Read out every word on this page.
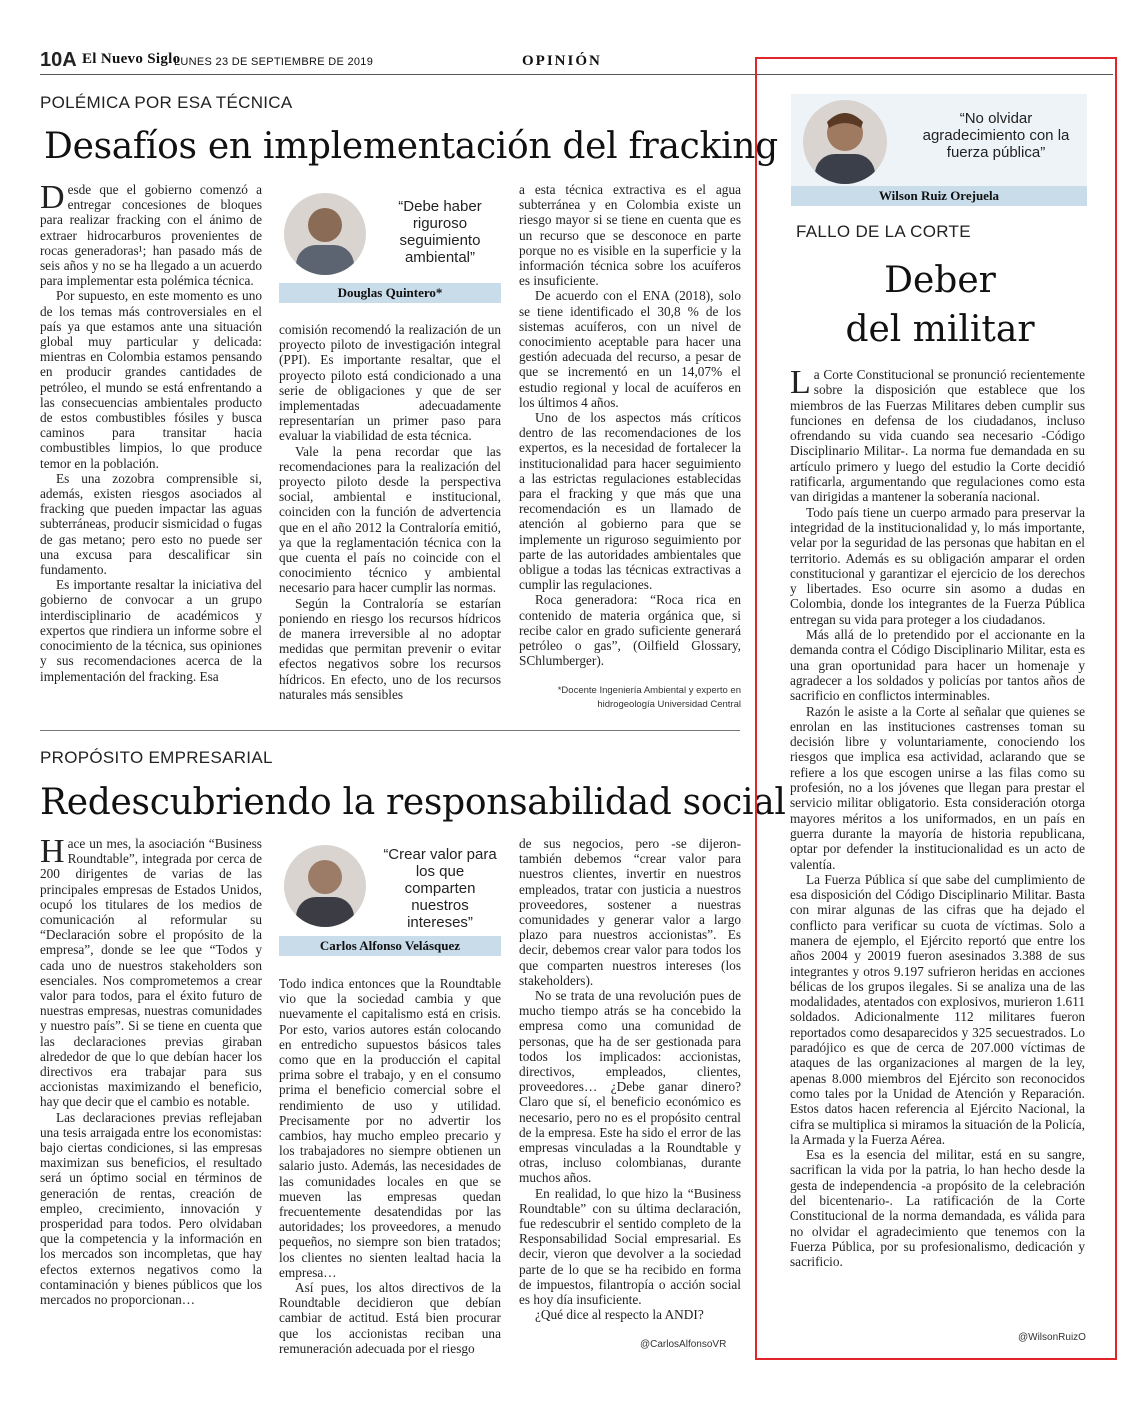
10A El Nuevo Siglo
LUNES 23 DE SEPTIEMBRE DE 2019	OPINIÓN
POLÉMICA POR ESA TÉCNICA
Desafíos en implementación del fracking

Desde que el gobierno comenzó a entregar concesiones de bloques para realizar fracking con el ánimo de extraer hidrocarburos provenientes de rocas generadoras¹; han pasado más de seis años y no se ha llegado a un acuerdo para implementar esta polémica técnica.

Por supuesto, en este momento es uno de los temas más controversiales en el país ya que estamos ante una situación global muy particular y delicada: mientras en Colombia estamos pensando en producir grandes cantidades de petróleo, el mundo se está enfrentando a las consecuencias ambientales producto de estos combustibles fósiles y busca caminos para transitar hacia combustibles limpios, lo que produce temor en la población.

Es una zozobra comprensible si, además, existen riesgos asociados al fracking que pueden impactar las aguas subterráneas, producir sismicidad o fugas de gas metano; pero esto no puede ser una excusa para descalificar sin fundamento.

Es importante resaltar la iniciativa del gobierno de convocar a un grupo interdisciplinario de académicos y expertos que rindiera un informe sobre el conocimiento de la técnica, sus opiniones y sus recomendaciones acerca de la implementación del fracking. Esa

“Debe haber riguroso seguimiento ambiental”
Douglas Quintero*

comisión recomendó la realización de un proyecto piloto de investigación integral (PPI). Es importante resaltar, que el proyecto piloto está condicionado a una serie de obligaciones y que de ser implementadas adecuadamente representarían un primer paso para evaluar la viabilidad de esta técnica.

Vale la pena recordar que las recomendaciones para la realización del proyecto piloto desde la perspectiva social, ambiental e institucional, coinciden con la función de advertencia que en el año 2012 la Contraloría emitió, ya que la reglamentación técnica con la que cuenta el país no coincide con el conocimiento técnico y ambiental necesario para hacer cumplir las normas.

Según la Contraloría se estarían poniendo en riesgo los recursos hídricos de manera irreversible al no adoptar medidas que permitan prevenir o evitar efectos negativos sobre los recursos hídricos. En efecto, uno de los recursos naturales más sensibles

a esta técnica extractiva es el agua subterránea y en Colombia existe un riesgo mayor si se tiene en cuenta que es un recurso que se desconoce en parte porque no es visible en la superficie y la información técnica sobre los acuíferos es insuficiente.

De acuerdo con el ENA (2018), solo se tiene identificado el 30,8 % de los sistemas acuíferos, con un nivel de conocimiento aceptable para hacer una gestión adecuada del recurso, a pesar de que se incrementó en un 14,07% el estudio regional y local de acuíferos en los últimos 4 años.

Uno de los aspectos más críticos dentro de las recomendaciones de los expertos, es la necesidad de fortalecer la institucionalidad para hacer seguimiento a las estrictas regulaciones establecidas para el fracking y que más que una recomendación es un llamado de atención al gobierno para que se implemente un riguroso seguimiento por parte de las autoridades ambientales que obligue a todas las técnicas extractivas a cumplir las regulaciones.

Roca generadora: “Roca rica en contenido de materia orgánica que, si recibe calor en grado suficiente generará petróleo o gas”, (Oilfield Glossary, SChlumberger).

*Docente Ingeniería Ambiental y experto en hidrogeología Universidad Central
PROPÓSITO EMPRESARIAL
Redescubriendo la responsabilidad social

Hace un mes, la asociación “Business Roundtable”, integrada por cerca de 200 dirigentes de varias de las principales empresas de Estados Unidos, ocupó los titulares de los medios de comunicación al reformular su “Declaración sobre el propósito de la empresa”, donde se lee que “Todos y cada uno de nuestros stakeholders son esenciales. Nos comprometemos a crear valor para todos, para el éxito futuro de nuestras empresas, nuestras comunidades y nuestro país”. Si se tiene en cuenta que las declaraciones previas giraban alrededor de que lo que debían hacer los directivos era trabajar para sus accionistas maximizando el beneficio, hay que decir que el cambio es notable.

Las declaraciones previas reflejaban una tesis arraigada entre los economistas: bajo ciertas condiciones, si las empresas maximizan sus beneficios, el resultado será un óptimo social en términos de generación de rentas, creación de empleo, crecimiento, innovación y prosperidad para todos. Pero olvidaban que la competencia y la información en los mercados son incompletas, que hay efectos externos negativos como la contaminación y bienes públicos que los mercados no proporcionan…

“Crear valor para los que comparten nuestros intereses”
Carlos Alfonso Velásquez

Todo indica entonces que la Roundtable vio que la sociedad cambia y que nuevamente el capitalismo está en crisis. Por esto, varios autores están colocando en entredicho supuestos básicos tales como que en la producción el capital prima sobre el trabajo, y en el consumo prima el beneficio comercial sobre el rendimiento de uso y utilidad. Precisamente por no advertir los cambios, hay mucho empleo precario y los trabajadores no siempre obtienen un salario justo. Además, las necesidades de las comunidades locales en que se mueven las empresas quedan frecuentemente desatendidas por las autoridades; los proveedores, a menudo pequeños, no siempre son bien tratados; los clientes no sienten lealtad hacia la empresa…

Así pues, los altos directivos de la Roundtable decidieron que debían cambiar de actitud. Está bien procurar que los accionistas reciban una remuneración adecuada por el riesgo

de sus negocios, pero -se dijeron- también debemos “crear valor para nuestros clientes, invertir en nuestros empleados, tratar con justicia a nuestros proveedores, sostener a nuestras comunidades y generar valor a largo plazo para nuestros accionistas”. Es decir, debemos crear valor para todos los que comparten nuestros intereses (los stakeholders).

No se trata de una revolución pues de mucho tiempo atrás se ha concebido la empresa como una comunidad de personas, que ha de ser gestionada para todos los implicados: accionistas, directivos, empleados, clientes, proveedores… ¿Debe ganar dinero? Claro que sí, el beneficio económico es necesario, pero no es el propósito central de la empresa. Este ha sido el error de las empresas vinculadas a la Roundtable y otras, incluso colombianas, durante muchos años.

En realidad, lo que hizo la “Business Roundtable” con su última declaración, fue redescubrir el sentido completo de la Responsabilidad Social empresarial. Es decir, vieron que devolver a la sociedad parte de lo que se ha recibido en forma de impuestos, filantropía o acción social es hoy día insuficiente.

¿Qué dice al respecto la ANDI?

@CarlosAlfonsoVR
“No olvidar agradecimiento con la fuerza pública”
Wilson Ruiz Orejuela
FALLO DE LA CORTE
Deber
del militar

La Corte Constitucional se pronunció recientemente sobre la disposición que establece que los miembros de las Fuerzas Militares deben cumplir sus funciones en defensa de los ciudadanos, incluso ofrendando su vida cuando sea necesario -Código Disciplinario Militar-. La norma fue demandada en su artículo primero y luego del estudio la Corte decidió ratificarla, argumentando que regulaciones como esta van dirigidas a mantener la soberanía nacional.

Todo país tiene un cuerpo armado para preservar la integridad de la institucionalidad y, lo más importante, velar por la seguridad de las personas que habitan en el territorio. Además es su obligación amparar el orden constitucional y garantizar el ejercicio de los derechos y libertades. Eso ocurre sin asomo a dudas en Colombia, donde los integrantes de la Fuerza Pública entregan su vida para proteger a los ciudadanos.

Más allá de lo pretendido por el accionante en la demanda contra el Código Disciplinario Militar, esta es una gran oportunidad para hacer un homenaje y agradecer a los soldados y policías por tantos años de sacrificio en conflictos interminables.

Razón le asiste a la Corte al señalar que quienes se enrolan en las instituciones castrenses toman su decisión libre y voluntariamente, conociendo los riesgos que implica esa actividad, aclarando que se refiere a los que escogen unirse a las filas como su profesión, no a los jóvenes que llegan para prestar el servicio militar obligatorio. Esta consideración otorga mayores méritos a los uniformados, en un país en guerra durante la mayoría de historia republicana, optar por defender la institucionalidad es un acto de valentía.

La Fuerza Pública sí que sabe del cumplimiento de esa disposición del Código Disciplinario Militar. Basta con mirar algunas de las cifras que ha dejado el conflicto para verificar su cuota de víctimas. Solo a manera de ejemplo, el Ejército reportó que entre los años 2004 y 20019 fueron asesinados 3.388 de sus integrantes y otros 9.197 sufrieron heridas en acciones bélicas de los grupos ilegales. Si se analiza una de las modalidades, atentados con explosivos, murieron 1.611 soldados. Adicionalmente 112 militares fueron reportados como desaparecidos y 325 secuestrados. Lo paradójico es que de cerca de 207.000 víctimas de ataques de las organizaciones al margen de la ley, apenas 8.000 miembros del Ejército son reconocidos como tales por la Unidad de Atención y Reparación. Estos datos hacen referencia al Ejército Nacional, la cifra se multiplica si miramos la situación de la Policía, la Armada y la Fuerza Aérea.

Esa es la esencia del militar, está en su sangre, sacrifican la vida por la patria, lo han hecho desde la gesta de independencia -a propósito de la celebración del bicentenario-. La ratificación de la Corte Constitucional de la norma demandada, es válida para no olvidar el agradecimiento que tenemos con la Fuerza Pública, por su profesionalismo, dedicación y sacrificio.

@WilsonRuizO
